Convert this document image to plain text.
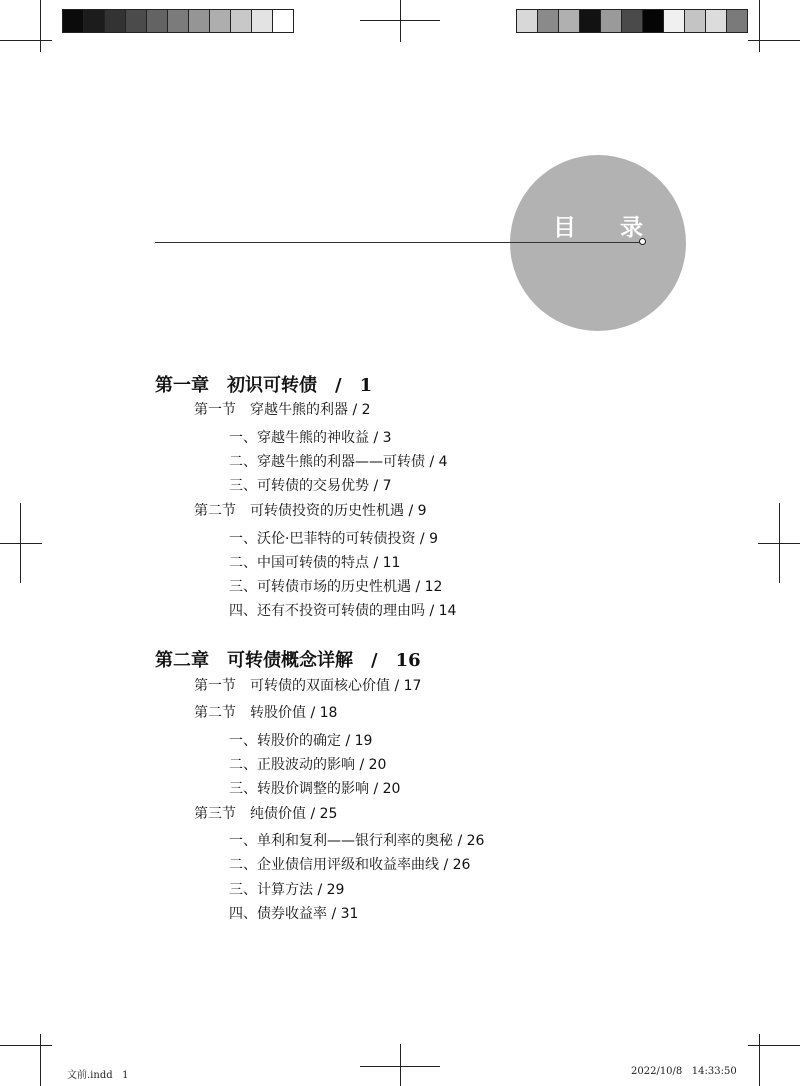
目 录
第一章　初识可转债　/　1
第一节　穿越牛熊的利器 / 2
一、穿越牛熊的神收益 / 3
二、穿越牛熊的利器——可转债 / 4
三、可转债的交易优势 / 7
第二节　可转债投资的历史性机遇 / 9
一、沃伦·巴菲特的可转债投资 / 9
二、中国可转债的特点 / 11
三、可转债市场的历史性机遇 / 12
四、还有不投资可转债的理由吗 / 14
第二章　可转债概念详解　/　16
第一节　可转债的双面核心价值 / 17
第二节　转股价值 / 18
一、转股价的确定 / 19
二、正股波动的影响 / 20
三、转股价调整的影响 / 20
第三节　纯债价值 / 25
一、单利和复利——银行利率的奥秘 / 26
二、企业债信用评级和收益率曲线 / 26
三、计算方法 / 29
四、债券收益率 / 31
文前.indd   1	2022/10/8   14:33:50
